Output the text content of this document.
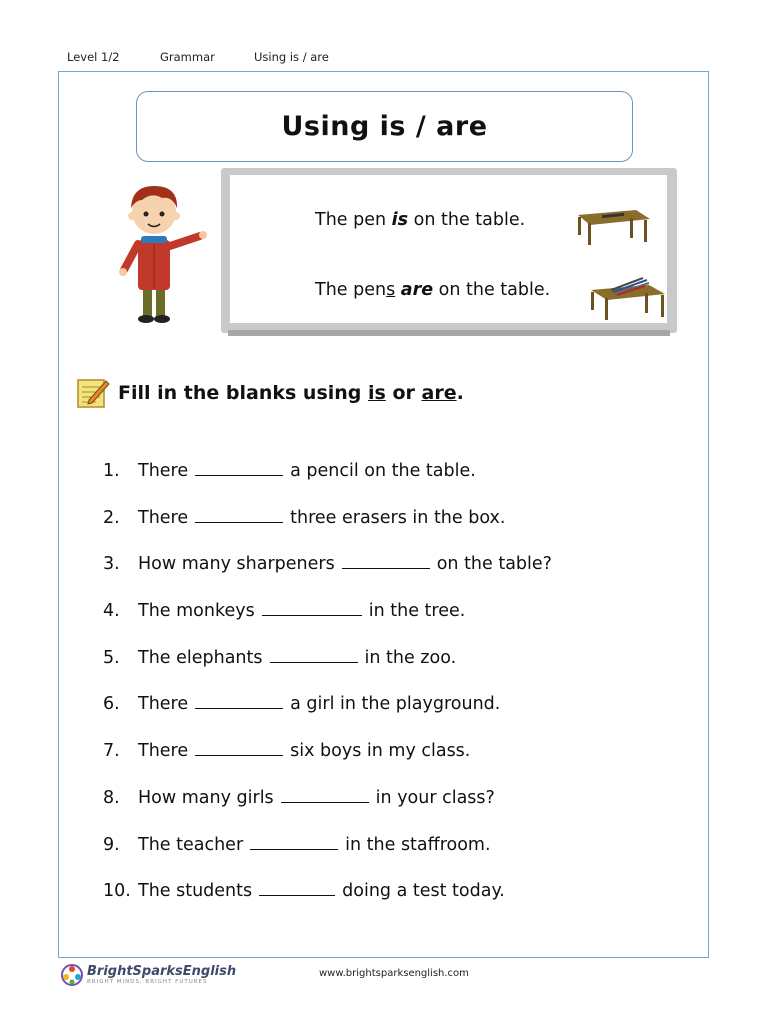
Level 1/2	Grammar	Using is / are
Using is / are
The pen is on the table.
The pens are on the table.
Fill in the blanks using
is or are .
1. There	a pencil on the table.
2. There	three erasers in the box.
3. How many sharpeners	on the table?
4. The monkeys	in the tree.
5. The elephants	in the zoo.
6. There	a girl in the playground.
7. There	six boys in my class.
8. How many girls	in your class?
9. The teacher	in the staffroom.
10. The students	doing a test today.
BrightSparksEnglish
BRIGHT MINDS, BRIGHT FUTURES
www.brightsparksenglish.com
